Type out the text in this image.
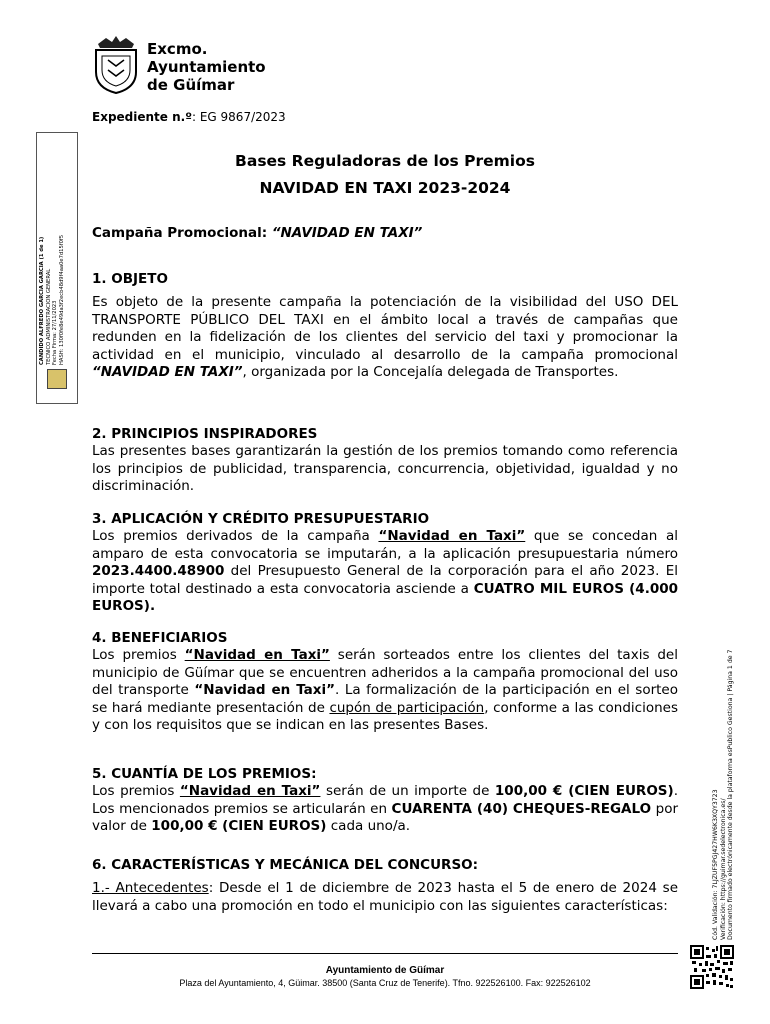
Excmo.
Ayuntamiento
de Güímar
Expediente n.º: EG 9867/2023
CANDIDO ALFREDO GARCIA GARCIA (1 de 1) TECNICO ADMINISTRACION GENERAL Fecha Firma: 27/11/2023 HASH: 130f0fe8e49da3f2ecb48d9f4aa0e7d15f0f5
Bases Reguladoras de los Premios
NAVIDAD EN TAXI 2023-2024
Campaña Promocional: “NAVIDAD EN TAXI”
1. OBJETO
Es objeto de la presente campaña la potenciación de la visibilidad del USO DEL TRANSPORTE PÚBLICO DEL TAXI en el ámbito local a través de campañas que redunden en la fidelización de los clientes del servicio del taxi y promocionar la actividad en el municipio, vinculado al desarrollo de la campaña promocional “NAVIDAD EN TAXI”, organizada por la Concejalía delegada de Transportes.
2. PRINCIPIOS INSPIRADORES
Las presentes bases garantizarán la gestión de los premios tomando como referencia los principios de publicidad, transparencia, concurrencia, objetividad, igualdad y no discriminación.
3. APLICACIÓN Y CRÉDITO PRESUPUESTARIO
Los premios derivados de la campaña “Navidad en Taxi” que se concedan al amparo de esta convocatoria se imputarán, a la aplicación presupuestaria número 2023.4400.48900 del Presupuesto General de la corporación para el año 2023. El importe total destinado a esta convocatoria asciende a CUATRO MIL EUROS (4.000 EUROS).
4. BENEFICIARIOS
Los premios “Navidad en Taxi” serán sorteados entre los clientes del taxis del municipio de Güímar que se encuentren adheridos a la campaña promocional del uso del transporte “Navidad en Taxi”. La formalización de la participación en el sorteo se hará mediante presentación de cupón de participación, conforme a las condiciones y con los requisitos que se indican en las presentes Bases.
5. CUANTÍA DE LOS PREMIOS:
Los premios “Navidad en Taxi” serán de un importe de 100,00 € (CIEN EUROS). Los mencionados premios se articularán en CUARENTA (40) CHEQUES-REGALO por valor de 100,00 € (CIEN EUROS) cada uno/a.
6. CARACTERÍSTICAS Y MECÁNICA DEL CONCURSO:
1.- Antecedentes: Desde el 1 de diciembre de 2023 hasta el 5 de enero de 2024 se llevará a cabo una promoción en todo el municipio con las siguientes características:	Cód. Validación: 7LJZUF5PGJ427HW6K3XQY3723 Verificación: https://guimar.sedelectronica.es/ Documento firmado electrónicamente desde la plataforma esPublico Gestiona | Página 1 de 7
Ayuntamiento de Güímar
Plaza del Ayuntamiento, 4, Güimar. 38500 (Santa Cruz de Tenerife). Tfno. 922526100. Fax: 922526102
